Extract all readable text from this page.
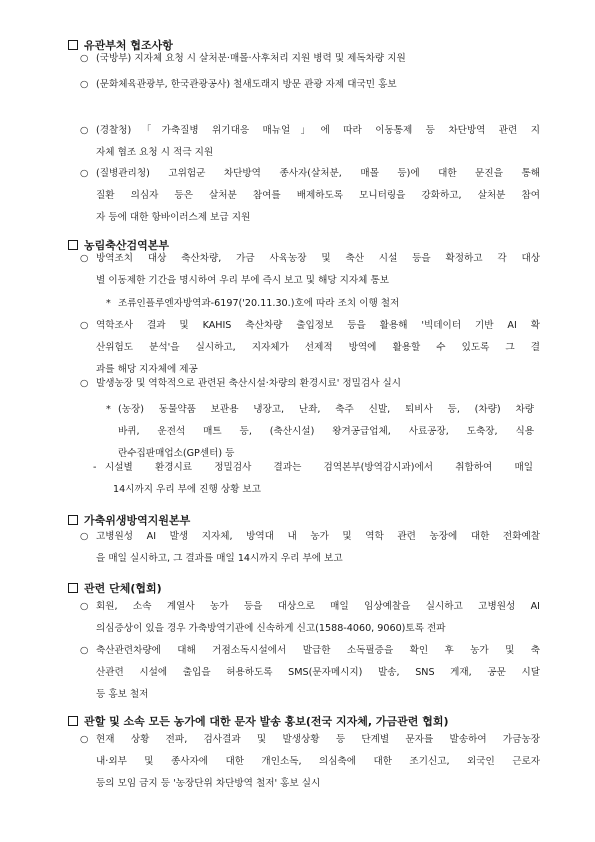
유관부처 협조사항
○ (국방부) 지자체 요청 시 살처분·매몰·사후처리 지원 병력 및 제독차량 지원
○ (문화체육관광부, 한국관광공사) 철새도래지 방문 관광 자제 대국민 홍보
○ (경찰청)「가축질병 위기대응 매뉴얼」에 따라 이동통제 등 차단방역 관련 지
자체 협조 요청 시 적극 지원
○ (질병관리청) 고위험군 차단방역 종사자(살처분, 매몰 등)에 대한 문진을 통해
질환 의심자 등은 살처분 참여를 배제하도록 모니터링을 강화하고, 살처분 참여
자 등에 대한 항바이러스제 보급 지원
농림축산검역본부
○ 방역조치 대상 축산차량, 가금 사육농장 및 축산 시설 등을 확정하고 각 대상
별 이동제한 기간을 명시하여 우리 부에 즉시 보고 및 해당 지자체 통보
* 조류인플루엔자방역과-6197('20.11.30.)호에 따라 조치 이행 철저
○ 역학조사 결과 및 KAHIS 축산차량 출입정보 등을 활용해 '빅데이터 기반 AI 확
산위험도 분석'을 실시하고, 지자체가 선제적 방역에 활용할 수 있도록 그 결
과를 해당 지자체에 제공
○ 발생농장 및 역학적으로 관련된 축산시설·차량의 환경시료' 정밀검사 실시
* (농장) 동물약품 보관용 냉장고, 난좌, 축주 신발, 퇴비사 등, (차량) 차량
바퀴, 운전석 매트 등, (축산시설) 왕겨공급업체, 사료공장, 도축장, 식용
란수집판매업소(GP센터) 등
- 시설별 환경시료 정밀검사 결과는 검역본부(방역감시과)에서 취합하여 매일
14시까지 우리 부에 진행 상황 보고
가축위생방역지원본부
○ 고병원성 AI 발생 지자체, 방역대 내 농가 및 역학 관련 농장에 대한 전화예찰
을 매일 실시하고, 그 결과를 매일 14시까지 우리 부에 보고
관련 단체(협회)
○ 회원, 소속 계열사 농가 등을 대상으로 매일 임상예찰을 실시하고 고병원성 AI
의심증상이 있을 경우 가축방역기관에 신속하게 신고(1588-4060, 9060)토록 전파
○ 축산관련차량에 대해 거점소독시설에서 발급한 소독필증을 확인 후 농가 및 축
산관련 시설에 출입을 허용하도록 SMS(문자메시지) 발송, SNS 게재, 공문 시달
등 홍보 철저
관할 및 소속 모든 농가에 대한 문자 발송 홍보(전국 지자체, 가금관련 협회)
○ 현재 상황 전파, 검사결과 및 발생상황 등 단계별 문자를 발송하여 가금농장
내·외부 및 종사자에 대한 개인소독, 의심축에 대한 조기신고, 외국인 근로자
등의 모임 금지 등 '농장단위 차단방역 철저' 홍보 실시
